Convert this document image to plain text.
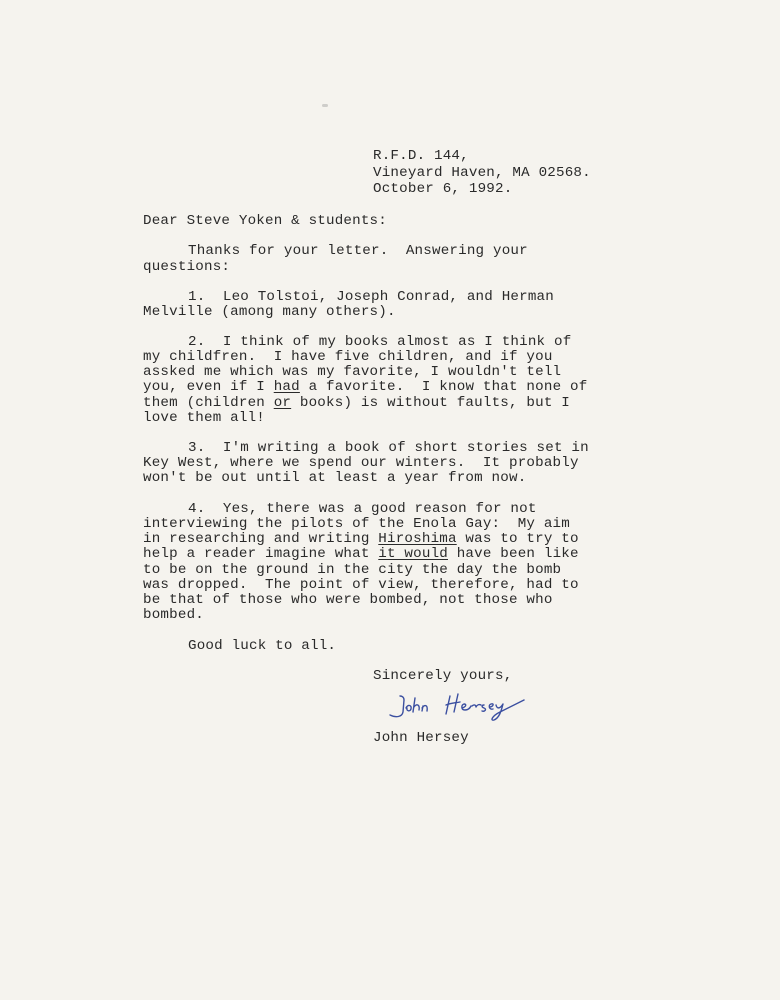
R.F.D. 144,
Vineyard Haven, MA 02568.
October 6, 1992.
Dear Steve Yoken & students:
Thanks for your letter.  Answering your
questions:
1.  Leo Tolstoi, Joseph Conrad, and Herman
Melville (among many others).
2.  I think of my books almost as I think of
my childfren.  I have five children, and if you
assked me which was my favorite, I wouldn't tell
you, even if I had a favorite.  I know that none of
them (children or books) is without faults, but I
love them all!
3.  I'm writing a book of short stories set in
Key West, where we spend our winters.  It probably
won't be out until at least a year from now.
4.  Yes, there was a good reason for not
interviewing the pilots of the Enola Gay:  My aim
in researching and writing Hiroshima was to try to
help a reader imagine what it would have been like
to be on the ground in the city the day the bomb
was dropped.  The point of view, therefore, had to
be that of those who were bombed, not those who
bombed.
Good luck to all.
Sincerely yours,
John Hersey
